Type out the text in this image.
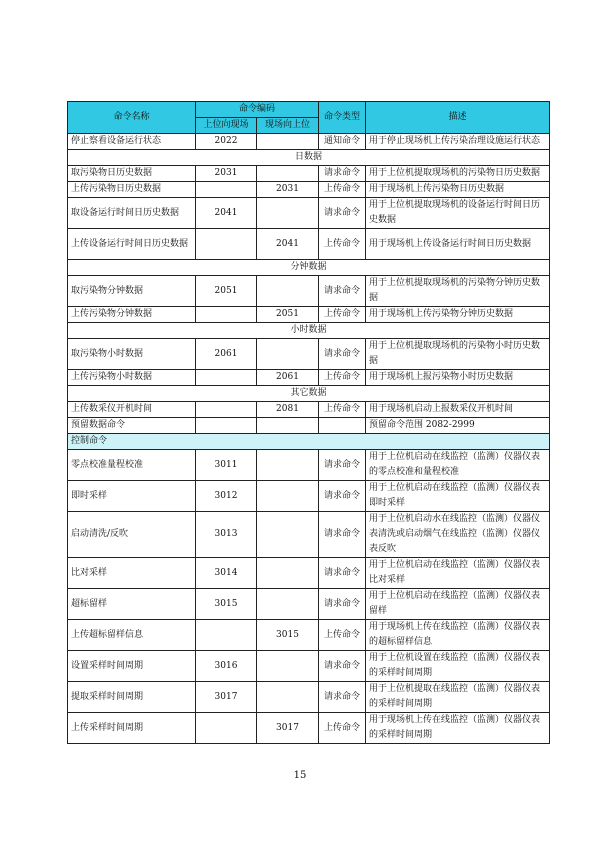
命令名称	命令编码		命令类型	描述
	上位向现场	现场向上位		
停止察看设备运行状态	2022		通知命令	用于停止现场机上传污染治理设施运行状态
日数据				
取污染物日历史数据	2031		请求命令	用于上位机提取现场机的污染物日历史数据
上传污染物日历史数据		2031	上传命令	用于现场机上传污染物日历史数据
取设备运行时间日历史数据	2041		请求命令	用于上位机提取现场机的设备运行时间日历史数据
上传设备运行时间日历史数据		2041	上传命令	用于现场机上传设备运行时间日历史数据
分钟数据				
取污染物分钟数据	2051		请求命令	用于上位机提取现场机的污染物分钟历史数据
上传污染物分钟数据		2051	上传命令	用于现场机上传污染物分钟历史数据
小时数据				
取污染物小时数据	2061		请求命令	用于上位机提取现场机的污染物小时历史数据
上传污染物小时数据		2061	上传命令	用于现场机上报污染物小时历史数据
其它数据				
上传数采仪开机时间		2081	上传命令	用于现场机启动上报数采仪开机时间
预留数据命令				预留命令范围 2082-2999
控制命令				
零点校准量程校准	3011		请求命令	用于上位机启动在线监控（监测）仪器仪表的零点校准和量程校准
即时采样	3012		请求命令	用于上位机启动在线监控（监测）仪器仪表即时采样
启动清洗/反吹	3013		请求命令	用于上位机启动水在线监控（监测）仪器仪表清洗或启动烟气在线监控（监测）仪器仪表反吹
比对采样	3014		请求命令	用于上位机启动在线监控（监测）仪器仪表比对采样
超标留样	3015		请求命令	用于上位机启动在线监控（监测）仪器仪表留样
上传超标留样信息		3015	上传命令	用于现场机上传在线监控（监测）仪器仪表的超标留样信息
设置采样时间周期	3016		请求命令	用于上位机设置在线监控（监测）仪器仪表的采样时间周期
提取采样时间周期	3017		请求命令	用于上位机提取在线监控（监测）仪器仪表的采样时间周期
上传采样时间周期		3017	上传命令	用于现场机上传在线监控（监测）仪器仪表的采样时间周期
15
